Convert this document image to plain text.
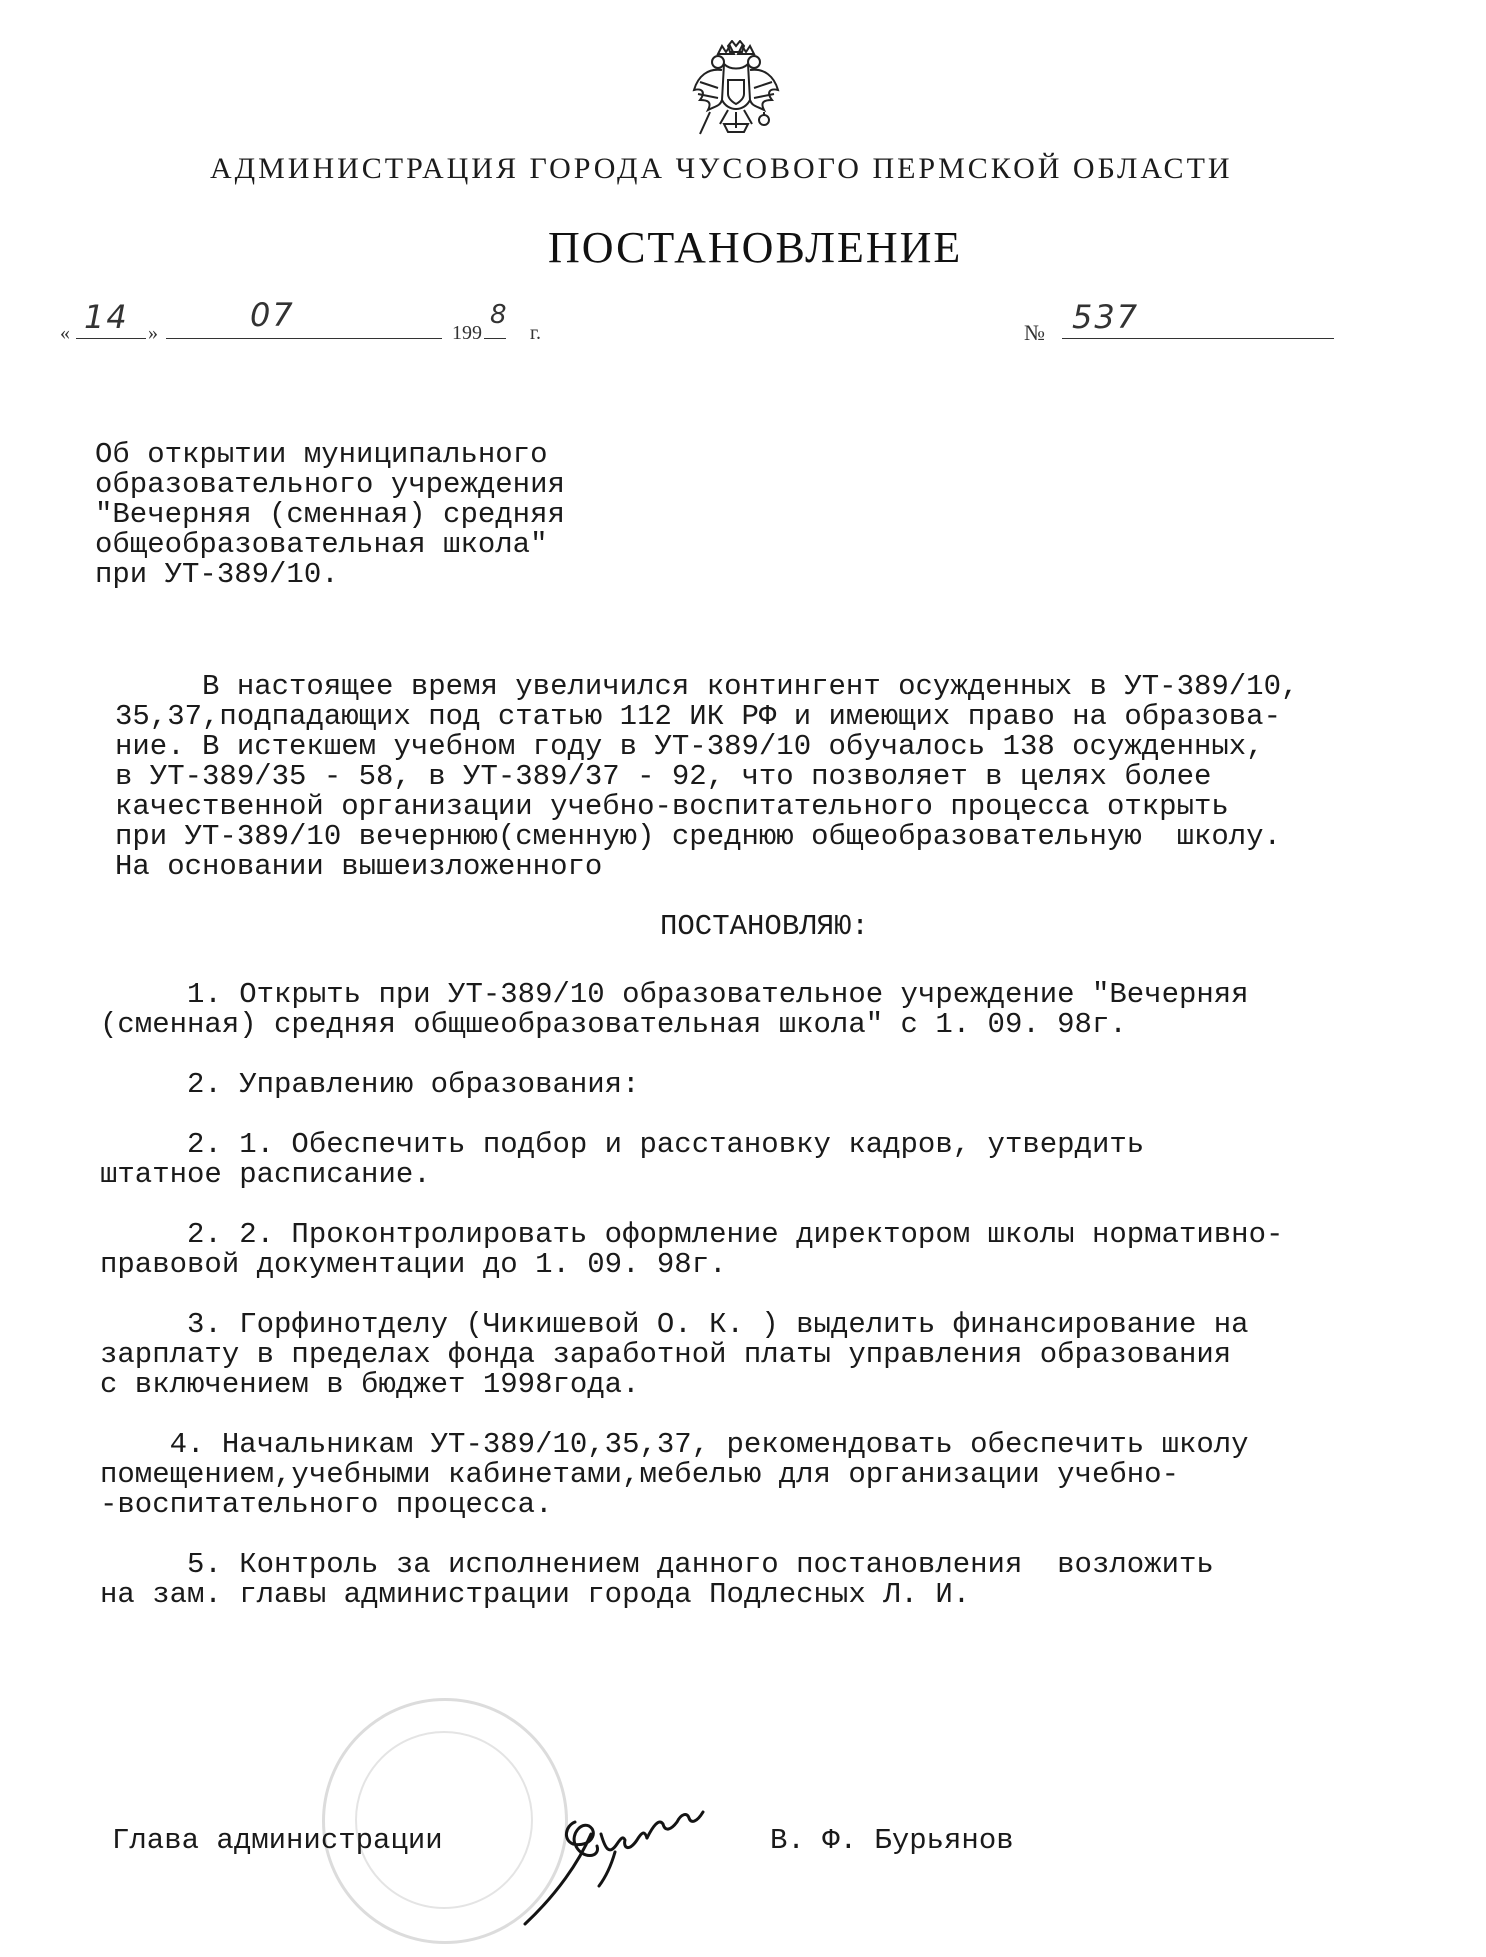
АДМИНИСТРАЦИЯ ГОРОДА ЧУСОВОГО ПЕРМСКОЙ ОБЛАСТИ
ПОСТАНОВЛЕНИЕ
« 14 »	07	199
8
г.	№ 537
Об открытии муниципального
образовательного учреждения
"Вечерняя (сменная) средняя
общеобразовательная школа"
при УТ-389/10.
В настоящее время увеличился контингент осужденных в УТ-389/10,
35,37,подпадающих под статью 112 ИК РФ и имеющих право на образова-
ние. В истекшем учебном году в УТ-389/10 обучалось 138 осужденных,
в УТ-389/35 - 58, в УТ-389/37 - 92, что позволяет в целях более
качественной организации учебно-воспитательного процесса открыть
при УТ-389/10 вечернюю(сменную) среднюю общеобразовательную  школу.
На основании вышеизложенного
ПОСТАНОВЛЯЮ:
1. Открыть при УТ-389/10 образовательное учреждение "Вечерняя
(сменная) средняя общшеобразовательная школа" с 1. 09. 98г.

2. Управлению образования:

2. 1. Обеспечить подбор и расстановку кадров, утвердить
штатное расписание.

2. 2. Проконтролировать оформление директором школы нормативно-
правовой документации до 1. 09. 98г.

3. Горфинотделу (Чикишевой О. К. ) выделить финансирование на
зарплату в пределах фонда заработной платы управления образования
с включением в бюджет 1998года.

4. Начальникам УТ-389/10,35,37, рекомендовать обеспечить школу
помещением,учебными кабинетами,мебелью для организации учебно-
-воспитательного процесса.

5. Контроль за исполнением данного постановления  возложить
на зам. главы администрации города Подлесных Л. И.
Глава администрации	В. Ф. Бурьянов
